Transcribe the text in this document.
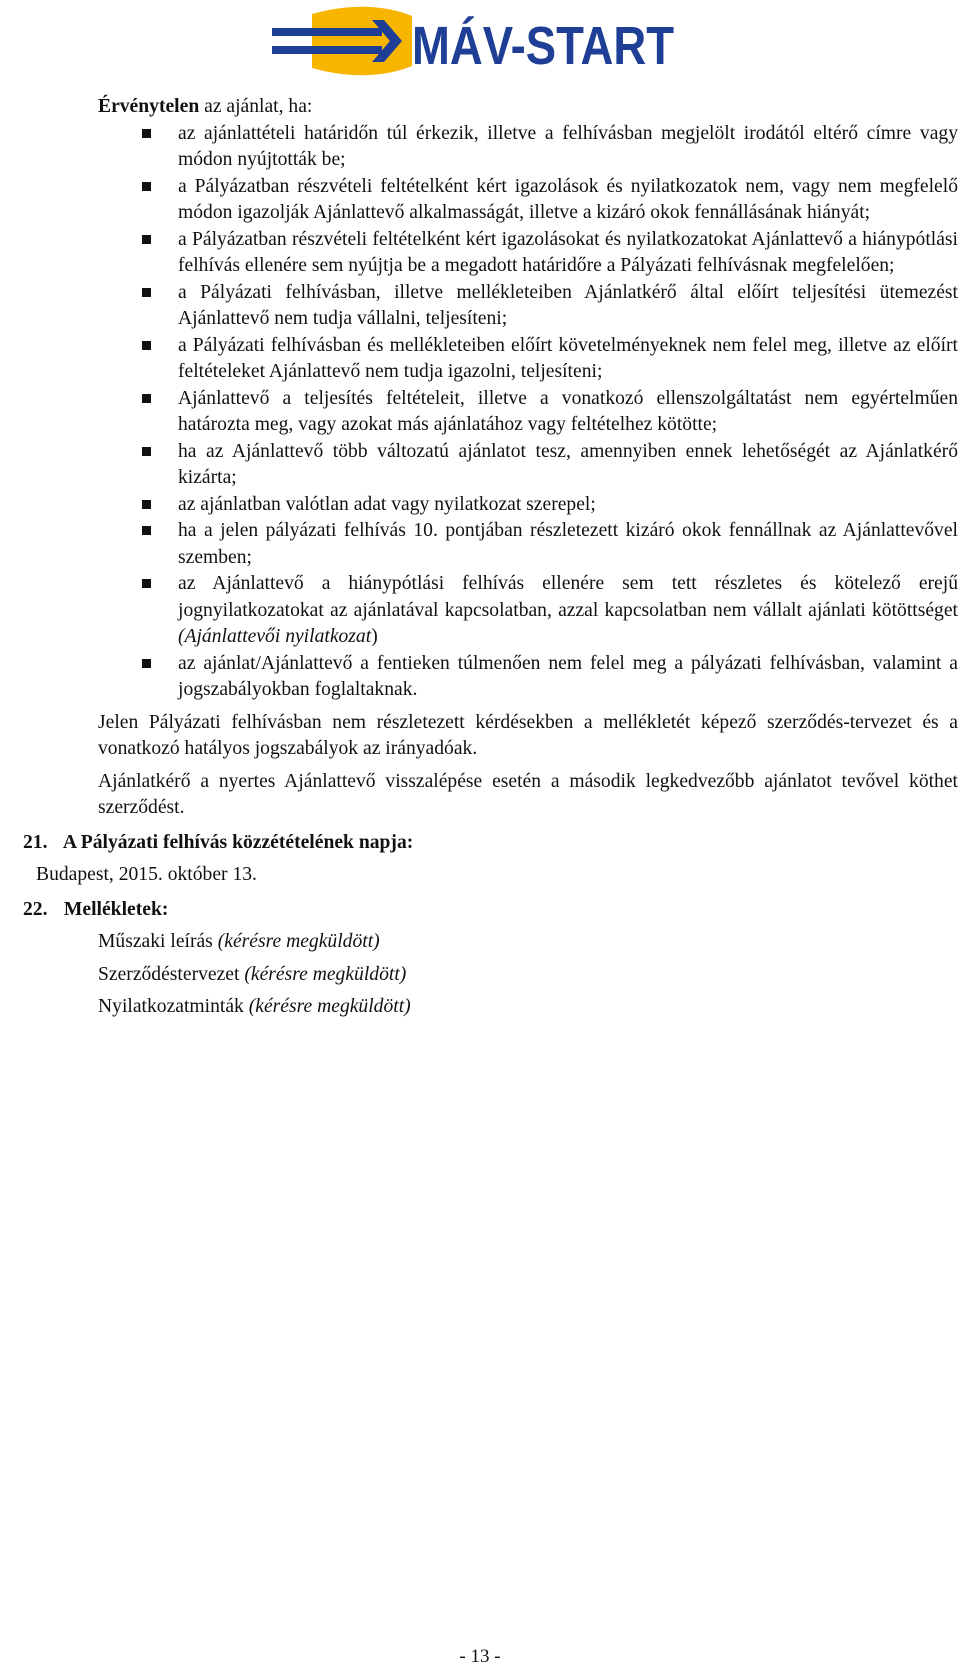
MÁV-START
Érvénytelen az ajánlat, ha:
az ajánlattételi határidőn túl érkezik, illetve a felhívásban megjelölt irodától eltérő címre vagy módon nyújtották be;
a Pályázatban részvételi feltételként kért igazolások és nyilatkozatok nem, vagy nem megfelelő módon igazolják Ajánlattevő alkalmasságát, illetve a kizáró okok fennállásának hiányát;
a Pályázatban részvételi feltételként kért igazolásokat és nyilatkozatokat Ajánlattevő a hiánypótlási felhívás ellenére sem nyújtja be a megadott határidőre a Pályázati felhívásnak megfelelően;
a Pályázati felhívásban, illetve mellékleteiben Ajánlatkérő által előírt teljesítési ütemezést Ajánlattevő nem tudja vállalni, teljesíteni;
a Pályázati felhívásban és mellékleteiben előírt követelményeknek nem felel meg, illetve az előírt feltételeket Ajánlattevő nem tudja igazolni, teljesíteni;
Ajánlattevő a teljesítés feltételeit, illetve a vonatkozó ellenszolgáltatást nem egyértelműen határozta meg, vagy azokat más ajánlatához vagy feltételhez kötötte;
ha az Ajánlattevő több változatú ajánlatot tesz, amennyiben ennek lehetőségét az Ajánlatkérő kizárta;
az ajánlatban valótlan adat vagy nyilatkozat szerepel;
ha a jelen pályázati felhívás 10. pontjában részletezett kizáró okok fennállnak az Ajánlattevővel szemben;
az Ajánlattevő a hiánypótlási felhívás ellenére sem tett részletes és kötelező erejű jognyilatkozatokat az ajánlatával kapcsolatban, azzal kapcsolatban nem vállalt ajánlati kötöttséget (Ajánlattevői nyilatkozat)
az ajánlat/Ajánlattevő a fentieken túlmenően nem felel meg a pályázati felhívásban, valamint a jogszabályokban foglaltaknak.
Jelen Pályázati felhívásban nem részletezett kérdésekben a mellékletét képező szerződés-tervezet és a vonatkozó hatályos jogszabályok az irányadóak.
Ajánlatkérő a nyertes Ajánlattevő visszalépése esetén a második legkedvezőbb ajánlatot tevővel köthet szerződést.
21. A Pályázati felhívás közzétételének napja:
Budapest, 2015. október 13.
22. Mellékletek:
Műszaki leírás (kérésre megküldött)
Szerződéstervezet (kérésre megküldött)
Nyilatkozatminták (kérésre megküldött)
- 13 -
